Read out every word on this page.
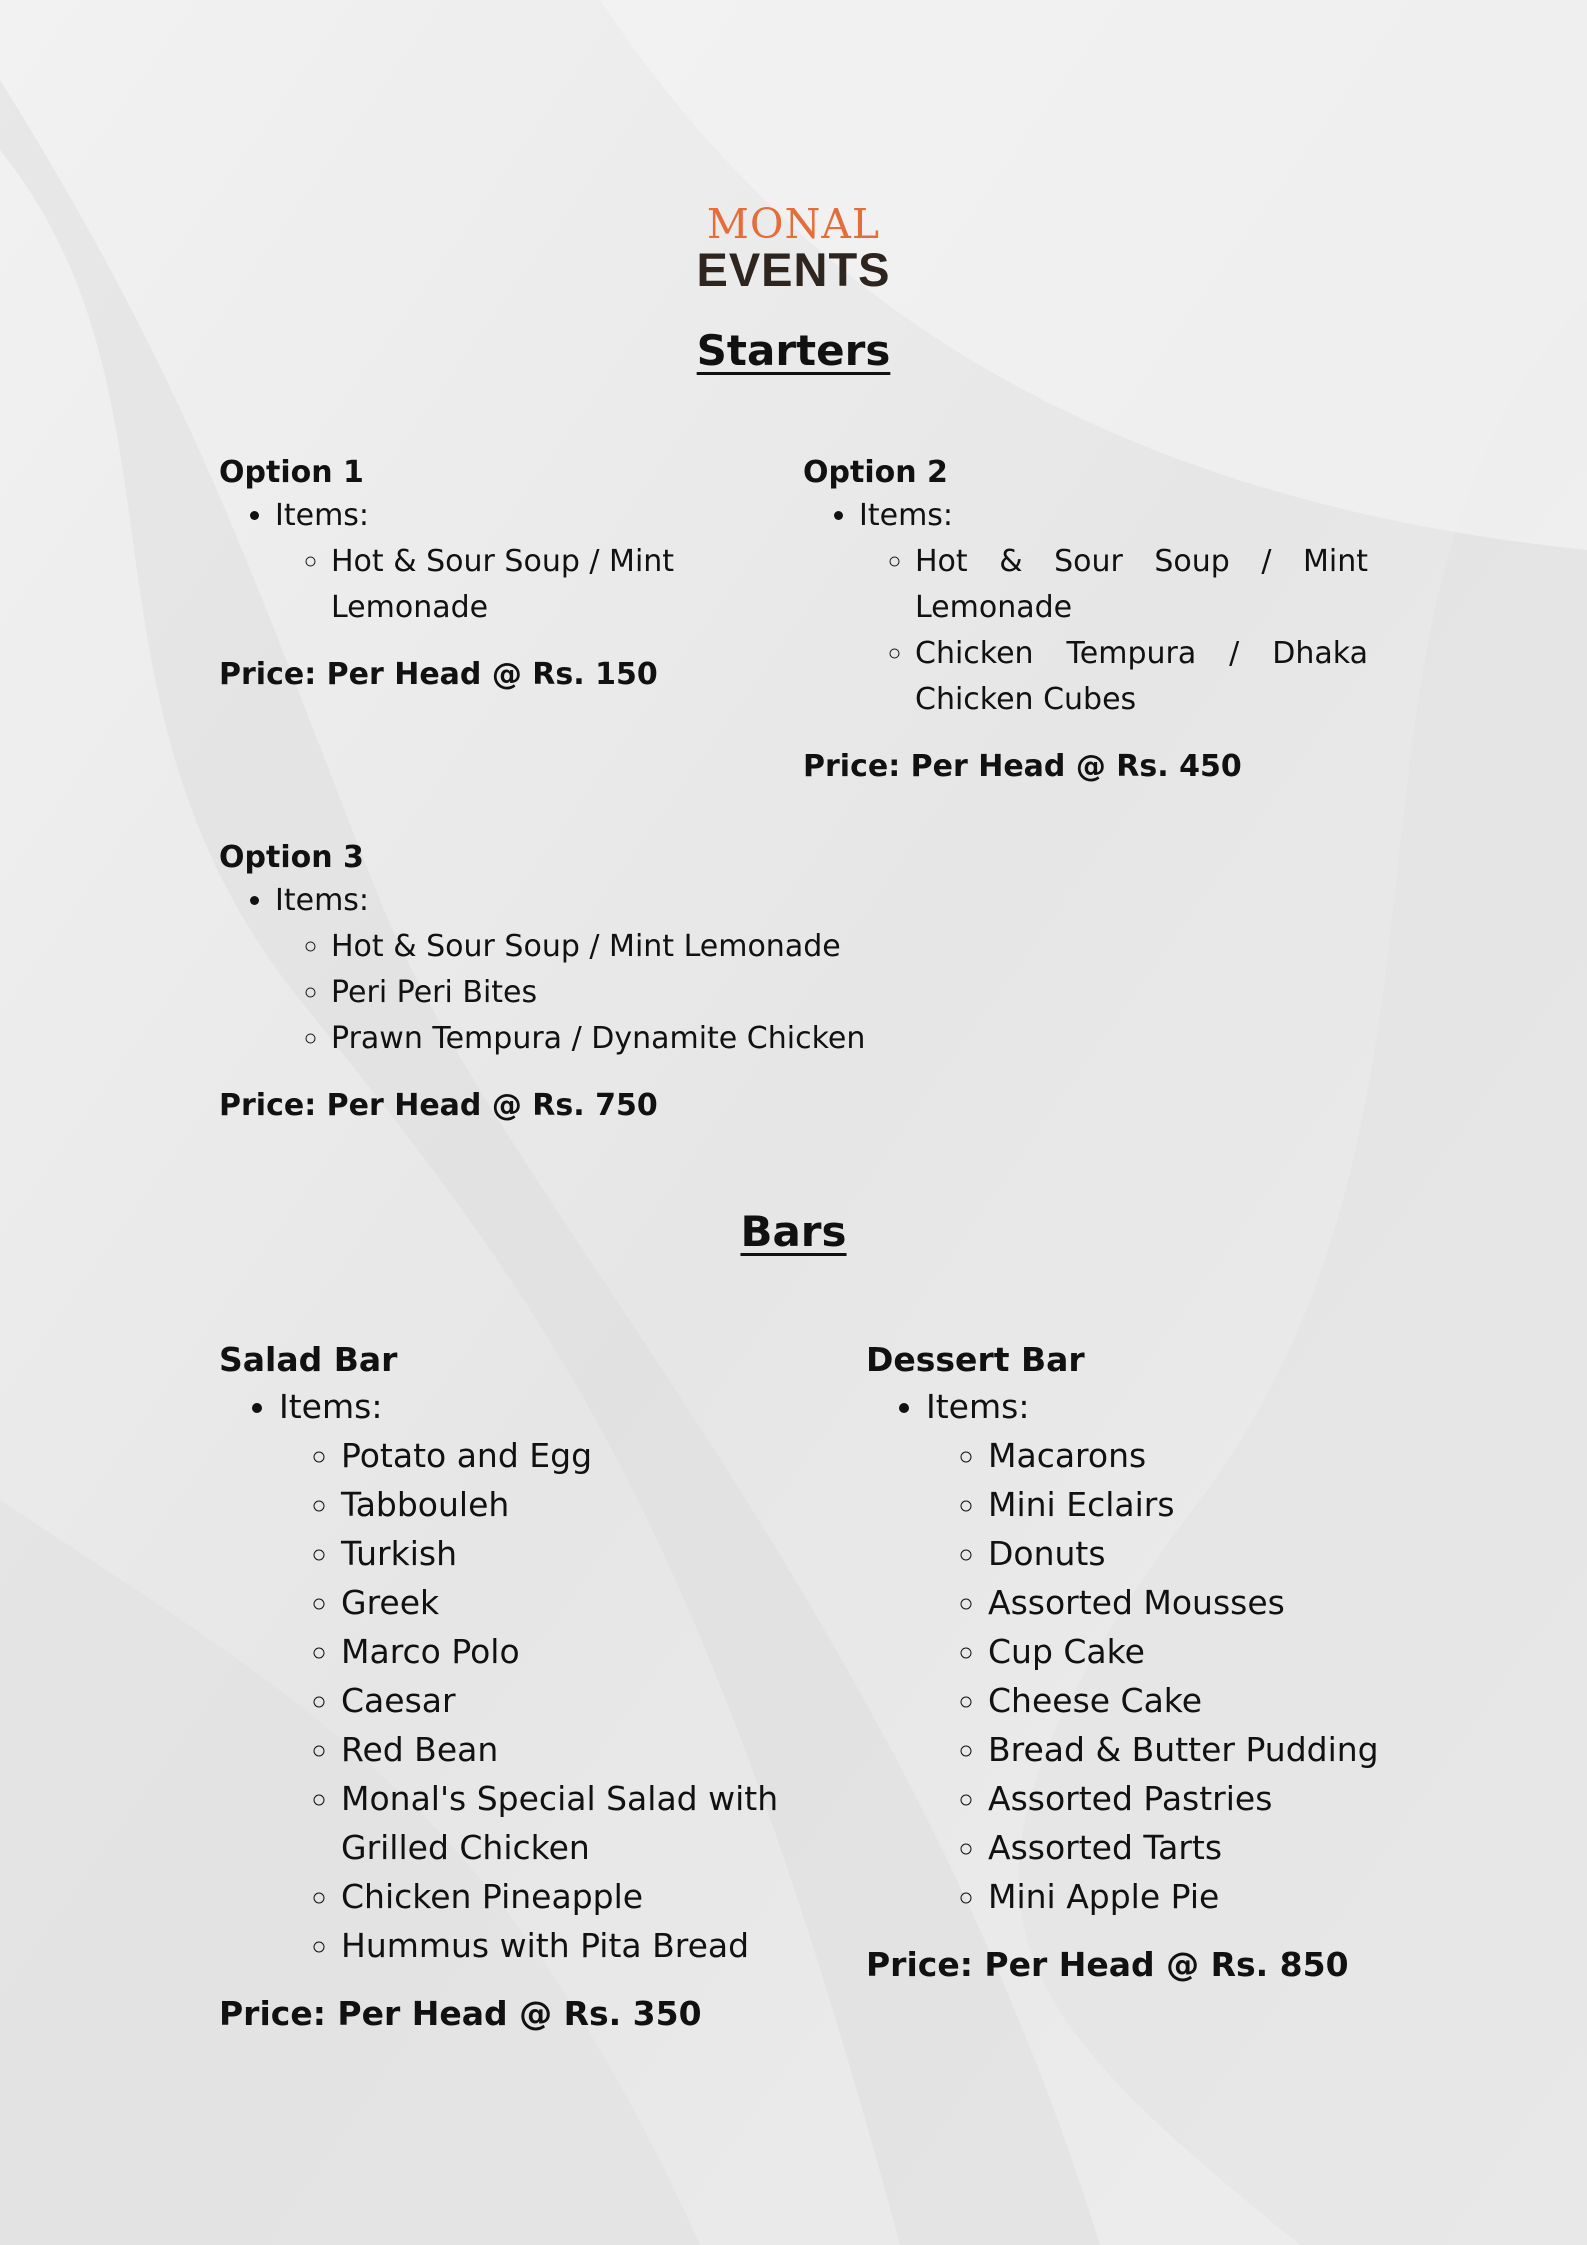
MONAL
EVENTS
Starters

Option 1

• Items:
◦ Hot & Sour Soup / Mint Lemonade

Price: Per Head @ Rs. 150

Option 2

• Items:
◦ Hot & Sour Soup / Mint Lemonade
◦ Chicken Tempura / Dhaka Chicken Cubes

Price: Per Head @ Rs. 450

Option 3

• Items:
◦ Hot & Sour Soup / Mint Lemonade
◦ Peri Peri Bites
◦ Prawn Tempura / Dynamite Chicken

Price: Per Head @ Rs. 750

Bars

Salad Bar

• Items:
◦ Potato and Egg
◦ Tabbouleh
◦ Turkish
◦ Greek
◦ Marco Polo
◦ Caesar
◦ Red Bean
◦ Monal's Special Salad with Grilled Chicken
◦ Chicken Pineapple
◦ Hummus with Pita Bread

Price: Per Head @ Rs. 350

Dessert Bar

• Items:
◦ Macarons
◦ Mini Eclairs
◦ Donuts
◦ Assorted Mousses
◦ Cup Cake
◦ Cheese Cake
◦ Bread & Butter Pudding
◦ Assorted Pastries
◦ Assorted Tarts
◦ Mini Apple Pie

Price: Per Head @ Rs. 850
